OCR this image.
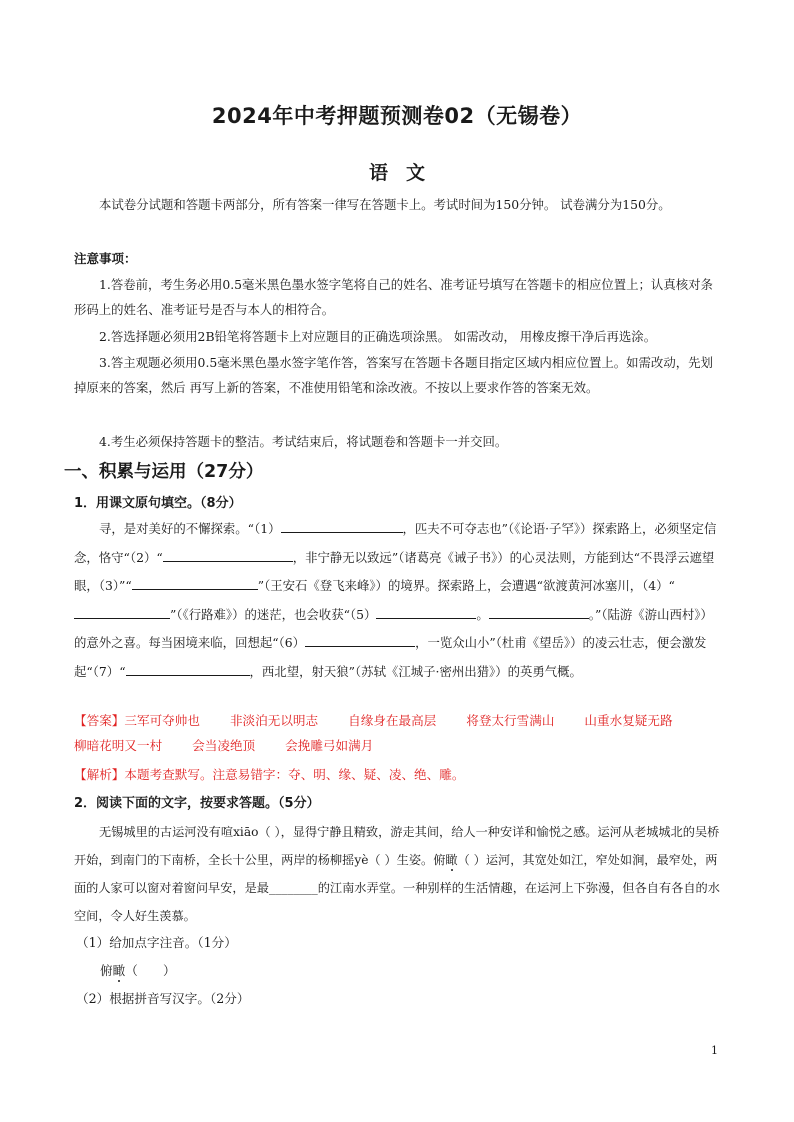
2024年中考押题预测卷02（无锡卷）
语 文
本试卷分试题和答题卡两部分，所有答案一律写在答题卡上。考试时间为150分钟。 试卷满分为150分。
注意事项：
1.答卷前，考生务必用0.5毫米黑色墨水签字笔将自己的姓名、准考证号填写在答题卡的相应位置上；认真核对条形码上的姓名、准考证号是否与本人的相符合。
2.答选择题必须用2B铅笔将答题卡上对应题目的正确选项涂黑。 如需改动， 用橡皮擦干净后再选涂。
3.答主观题必须用0.5毫米黑色墨水签字笔作答，答案写在答题卡各题目指定区域内相应位置上。如需改动，先划掉原来的答案，然后 再写上新的答案，不准使用铅笔和涂改液。不按以上要求作答的答案无效。
4.考生必须保持答题卡的整洁。考试结束后，将试题卷和答题卡一并交回。
一、积累与运用（27分）
1．用课文原句填空。（8分）
寻，是对美好的不懈探索。“（1）	，匹夫不可夺志也”（《论语·子罕》）探索路上，必须坚定信念，恪守“（2）“	，非宁静无以致远”（诸葛亮《诫子书》）的心灵法则，方能到达“不畏浮云遮望眼，（3）”“	”（王安石《登飞来峰》）的境界。探索路上，会遭遇“欲渡黄河冰塞川，（4）“”（《行路难》）的迷茫，也会收获“（5）	。	。”（陆游《游山西村》）的意外之喜。每当困境来临，回想起“（6）	，一览众山小”（杜甫《望岳》）的凌云壮志，便会激发起“（7）“	，西北望，射天狼”（苏轼《江城子·密州出猎》）的英勇气概。
【答案】三军可夺帅也 非淡泊无以明志 自缘身在最高层 将登太行雪满山 山重水复疑无路
柳暗花明又一村 会当凌绝顶 会挽雕弓如满月
【解析】本题考查默写。注意易错字：夺、明、缘、疑、凌、绝、雕。
2．阅读下面的文字，按要求答题。（5分）
无锡城里的古运河没有喧xiāo（ ），显得宁静且精致，游走其间，给人一种安详和愉悦之感。运河从老城城北的吴桥开始，到南门的下南桥，全长十公里，两岸的杨柳摇yè（ ）生姿。俯瞰（ ）运河，其宽处如江，窄处如涧，最窄处，两面的人家可以窗对着窗问早安，是最________的江南水弄堂。一种别样的生活情趣，在运河上下弥漫，但各自有各自的水空间，令人好生羡慕。
（1）给加点字注音。（1分）
俯瞰（　　）
（2）根据拼音写汉字。（2分）
1
